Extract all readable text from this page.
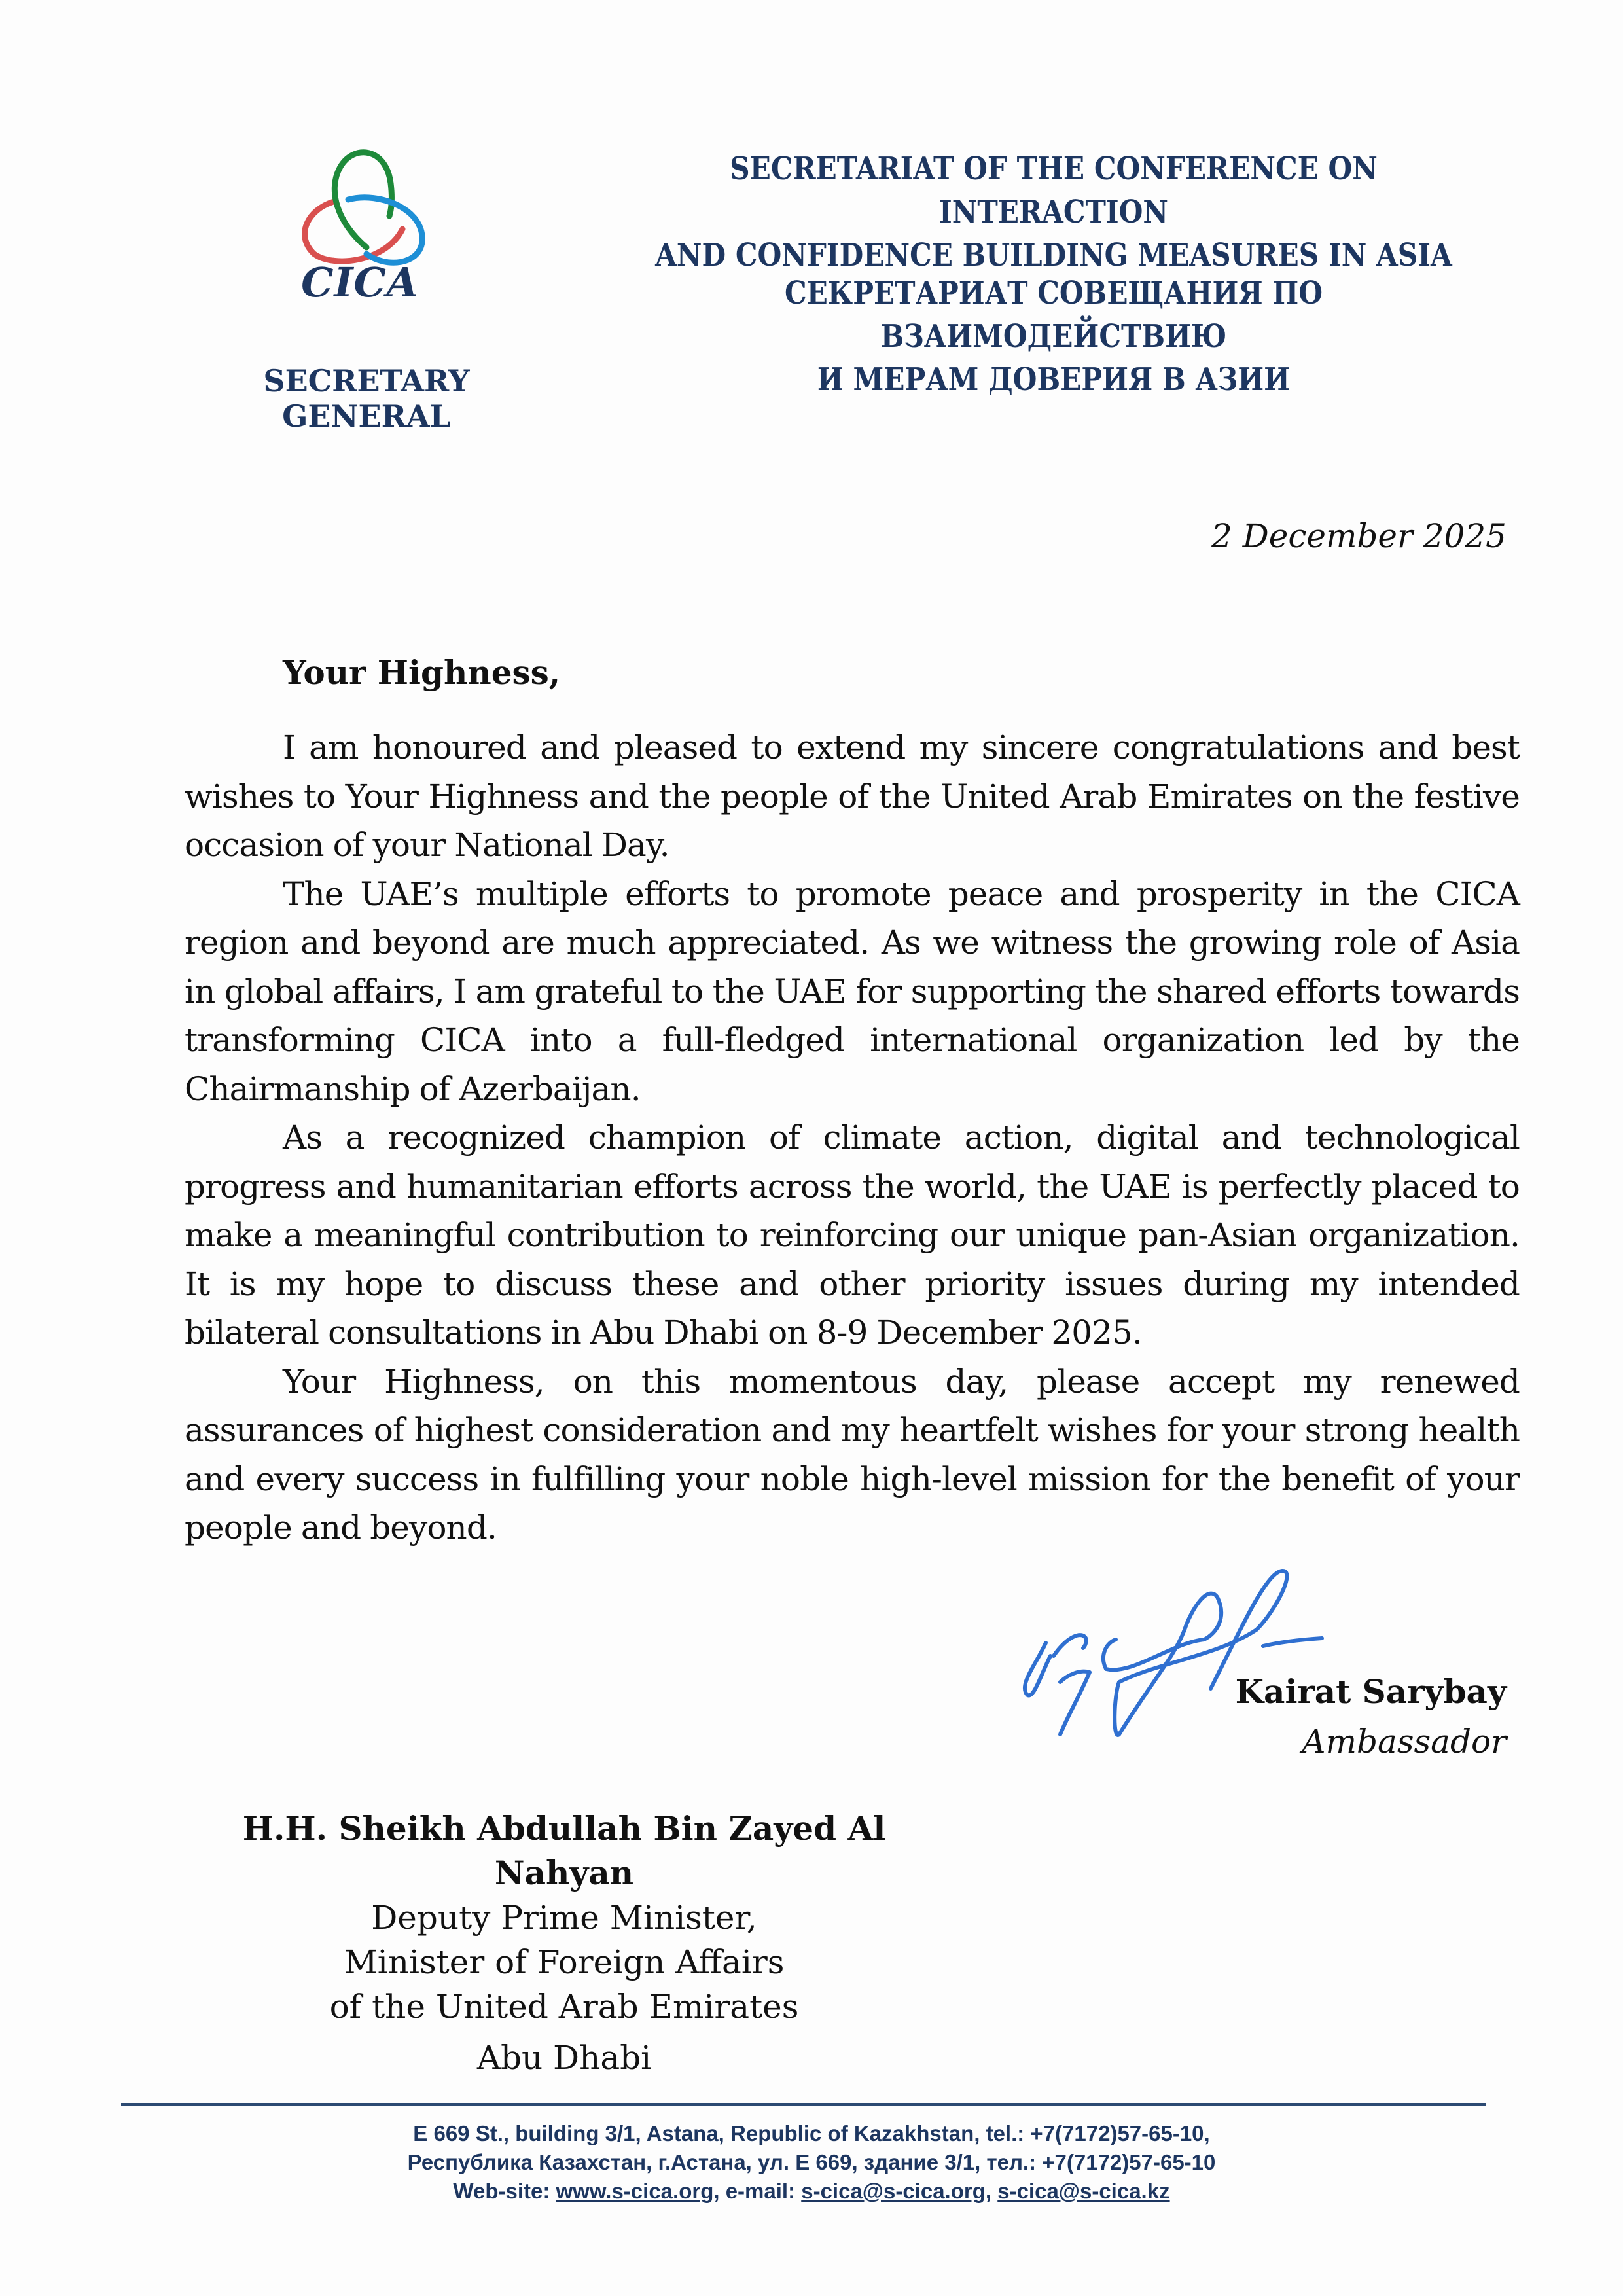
CICA
SECRETARY GENERAL
SECRETARIAT OF THE CONFERENCE ON INTERACTION
AND CONFIDENCE BUILDING MEASURES IN ASIA
СЕКРЕТАРИАТ СОВЕЩАНИЯ ПО ВЗАИМОДЕЙСТВИЮ
И МЕРАМ ДОВЕРИЯ В АЗИИ
2 December 2025
Your Highness,

I am honoured and pleased to extend my sincere congratulations and best wishes to Your Highness and the people of the United Arab Emirates on the festive occasion of your National Day.

The UAE’s multiple efforts to promote peace and prosperity in the CICA region and beyond are much appreciated. As we witness the growing role of Asia in global affairs, I am grateful to the UAE for supporting the shared efforts towards transforming CICA into a full-fledged international organization led by the Chairmanship of Azerbaijan.

As a recognized champion of climate action, digital and technological progress and humanitarian efforts across the world, the UAE is perfectly placed to make a meaningful contribution to reinforcing our unique pan-Asian organization. It is my hope to discuss these and other priority issues during my intended bilateral consultations in Abu Dhabi on 8-9 December 2025.

Your Highness, on this momentous day, please accept my renewed assurances of highest consideration and my heartfelt wishes for your strong health and every success in fulfilling your noble high-level mission for the benefit of your people and beyond.

Kairat Sarybay
Ambassador
H.H. Sheikh Abdullah Bin Zayed Al Nahyan
Deputy Prime Minister,
Minister of Foreign Affairs
of the United Arab Emirates
Abu Dhabi
E 669 St., building 3/1, Astana, Republic of Kazakhstan, tel.: +7(7172)57-65-10,
Республика Казахстан, г.Астана, ул. Е 669, здание 3/1, тел.: +7(7172)57-65-10
Web-site: www.s-cica.org, e-mail: s-cica@s-cica.org, s-cica@s-cica.kz
